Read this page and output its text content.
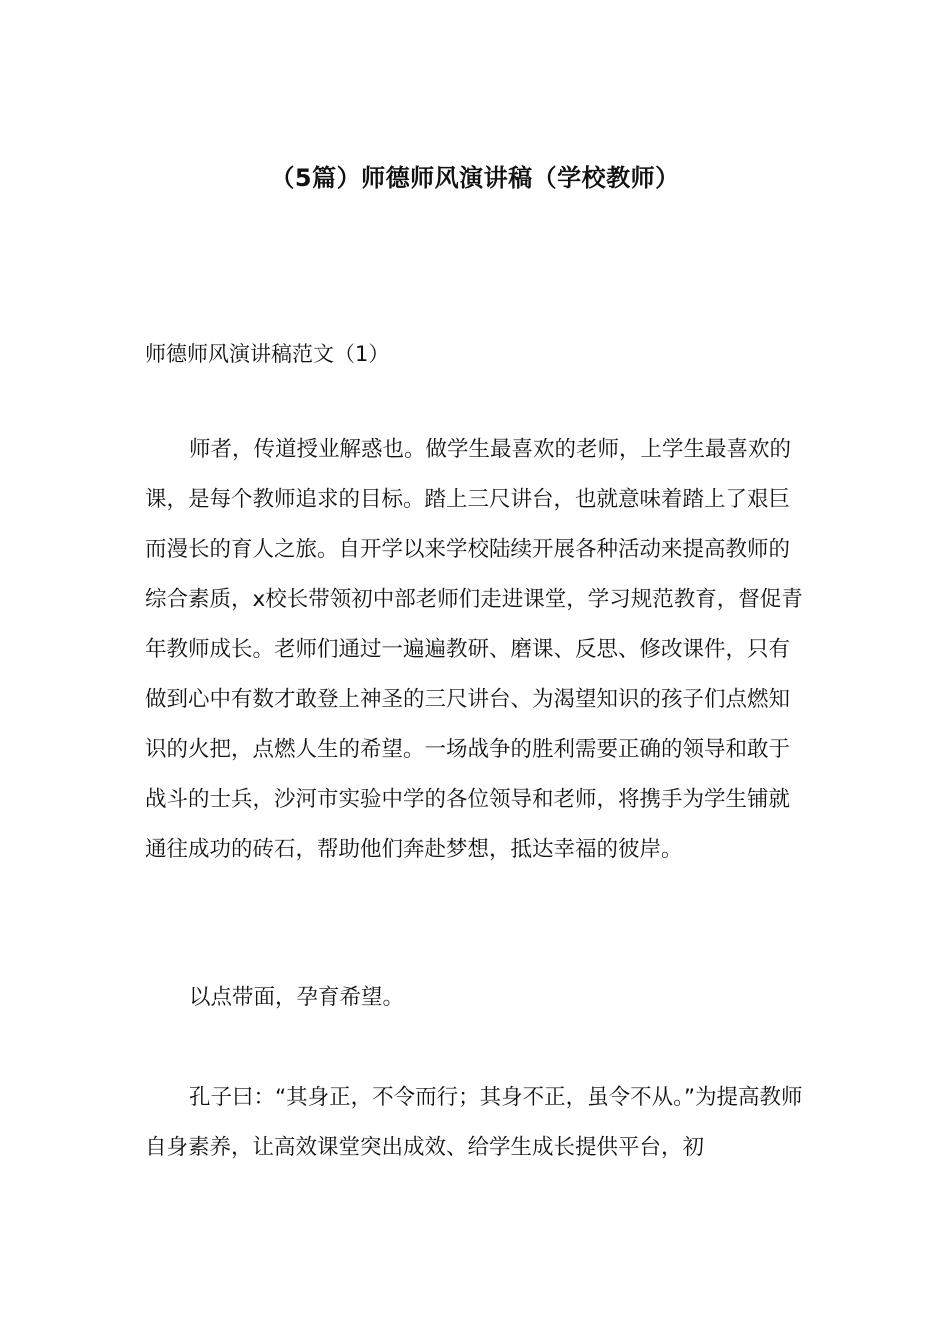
（5篇）师德师风演讲稿（学校教师）
师德师风演讲稿范文（1）

师者，传道授业解惑也。做学生最喜欢的老师，上学生最喜欢的课，是每个教师追求的目标。踏上三尺讲台，也就意味着踏上了艰巨而漫长的育人之旅。自开学以来学校陆续开展各种活动来提高教师的综合素质，x校长带领初中部老师们走进课堂，学习规范教育，督促青年教师成长。老师们通过一遍遍教研、磨课、反思、修改课件，只有做到心中有数才敢登上神圣的三尺讲台、为渴望知识的孩子们点燃知识的火把，点燃人生的希望。一场战争的胜利需要正确的领导和敢于战斗的士兵，沙河市实验中学的各位领导和老师，将携手为学生铺就通往成功的砖石，帮助他们奔赴梦想，抵达幸福的彼岸。

以点带面，孕育希望。

孔子曰：“其身正，不令而行；其身不正，虽令不从。”为提高教师自身素养，让高效课堂突出成效、给学生成长提供平台，初
